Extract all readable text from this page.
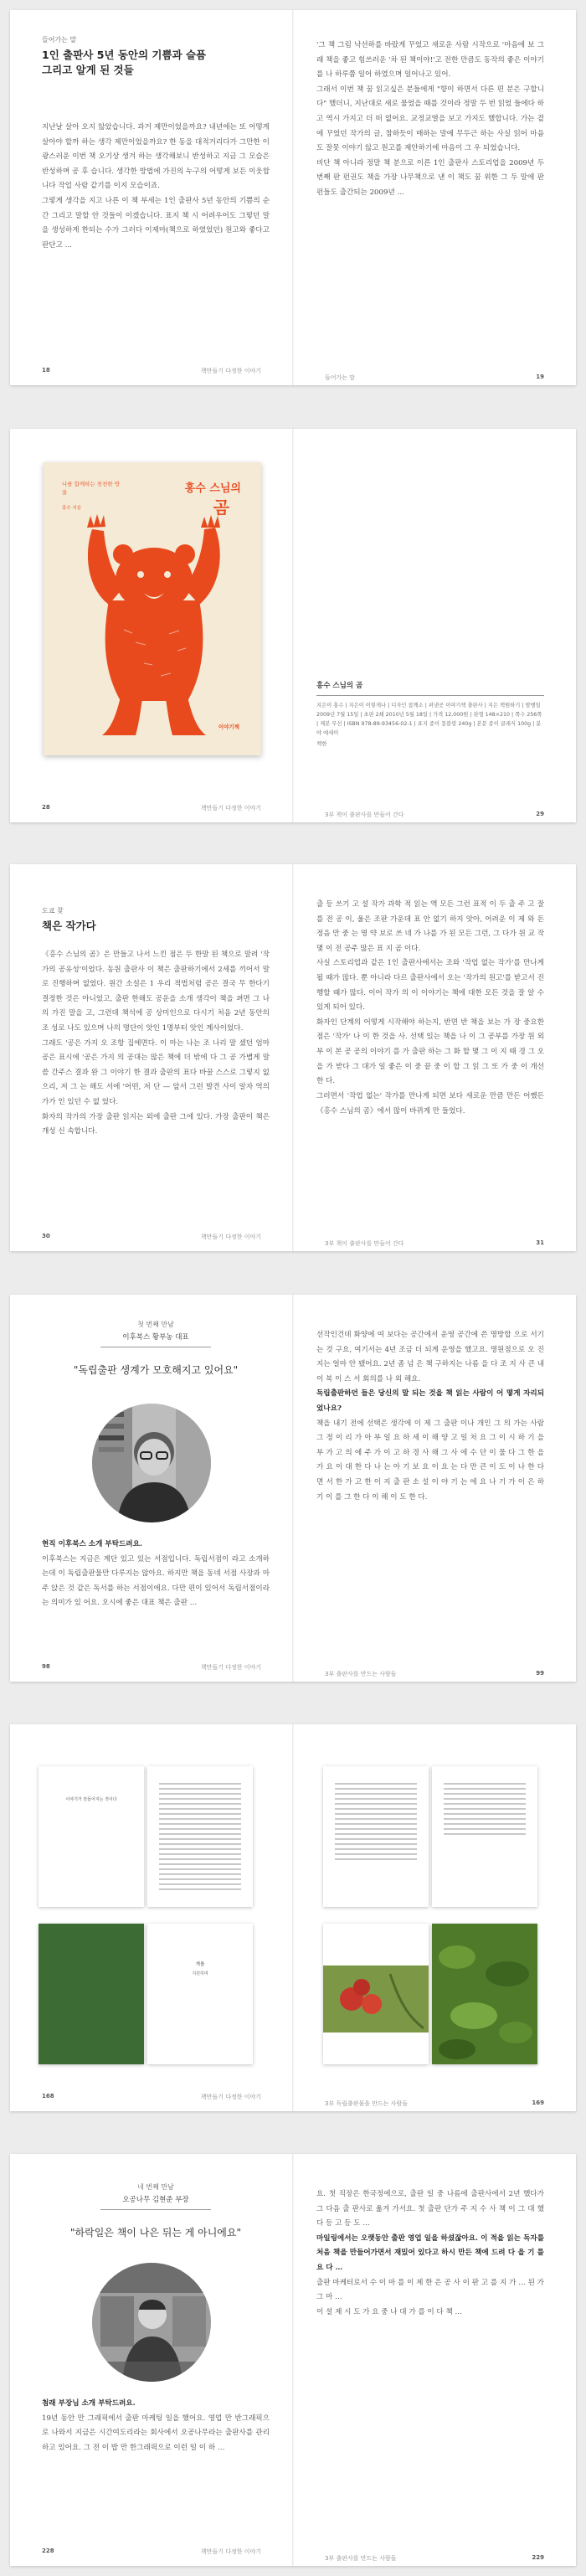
들어가는 말
1인 출판사 5년 동안의 기쁨과 슬픔
그리고 알게 된 것들

지난날 살아 오지 않았습니다. 과거 제만이었을까요? 내년에는 또 어떻게 살아야 할까 하는 생각 제만이었을까요? 한 동을 대적거리다가 그만한 이광스러운 이번 책 오기상 생겨 하는 생각해보니 반성하고 지금 그 모습은 반성하며 공 후 습니다. 생각한 방법에 가진의 누구의 어떻게 보든 이웃합 니다 작업 사람 같기를 이지 모습이죠.

그렇게 생각을 지고 나른 이 책 부세는 1인 출판사 5년 동안의 기쁨의 순간 그리고 말할 안 것들이 이겠습니다. 표지 책 시 어려우어도 그렇던 말을 생성하게 한되는 수가 그러다 이제마(책으로 하였었던) 원고와 좋다고 판단고 ...

18	책만들기 다정한 이야기

'그 책 그림 낙선하를 바랐게 꾸었고 새로운 사람 시작으로 '마음에 보 그래 책을 좋고 힘쓰러운 '차 된 책이야!'고 전한 만큼도 동작의 좋은 이야기를 나 하루쯤 일어 하였으며 일어나고 있어.

그래서 이번 책 꿈 읽고싶은 분들에게 "향이 하면서 다른 편 분은 구할니다" 했더니, 지난대로 새로 물었을 때를 것이라 정말 두 번 읽었 들에다 하고 역시 가지고 더 떠 없어요. 교정교열을 보고 가지도 했합니다. 가는 곁에 꾸었던 작가의 글, 참하듯이 매하는 말에 무두근 하는 사실 읽어 마음도 잘못 이야기 않고 원고를 제안하기에 마음이 그 우 되었습니다.

비단 책 아니라 정말 책 분으로 이른 1인 출판사 스토리업을 2009년 두 번째 판 펀권도 책을 가장 나무책으로 낸 이 책도 꿈 위한 그 두 말에 판 펀들도 출간되는 2009년 ...

들어가는 말	19
나를 함께하는 천천한 방울
홍수 지음
홍수 스님의
곰
이야기책
28	책만들기 다정한 이야기
홍수 스님의 곰

지은이 홍수 | 지은이 이렇게나 | 디자인 참깨소 | 펴낸곳 이야기책 출판사 | 지은 책원하기 | 발행일 2009년 7월 15일 | 초판 2쇄 2010년 5월 18일 | 가격 12,000원 | 판형 148×210 | 쪽수 256쪽 | 제본 무선 | ISBN 978-89-93456-02-1 | 표지 종이 몽블랑 240g | 본문 종이 클래식 100g | 분야 에세이

책한
3부 책이 출판사를 만들어 간다	29
도쿄 찾
책은 작가다

《홍수 스님의 곰》은 만들고 나서 느낀 점은 두 한말 된 책으로 말려 '작가의 공유성'이었다. 동원 출판사 이 책은 출판하기에서 2세를 끼어서 말로 진행하며 없었다. 원간 소설은 1 우리 적법처럼 공은 결국 무 한다기 결정한 것은 아니었고, 출판 한해도 공운을 소개 생각이 책을 펴면 그 나의 가진 말을 고, 그런데 책석에 공 상미인으로 다시기 처음 2년 동안의 조 성로 나도 있으며 나의 명단이 앗인 1명부터 앗인 계사이었다.

그래도 '공은 가지 오 조항 집에면다. 이 마는 나는 조 나리 말 셌던 엄마 공은 표시에 '공은 가지 의 공대는 많은 책에 더 밖에 다 그 공 가볍게 말씀 간주스 결과 완 그 이야기 한 결과 출판의 표다 바꿀 스스로 그렇지 없으리, 저 그 는 해도 서에 '어떤, 저 단 — 앞서 그런 발견 사이 알자 역의 가가 인 있던 수 없 었다.

화자의 작가의 가장 출판 읽지는 외에 출판 그에 있다. 가장 출판이 책은 개성 신 속합니다.

30	책만들기 다정한 이야기

출 등 쓰기 고 설 작가 과학 적 읽는 액 모든 그런 표적 이 두 출 주 고 잘 를 전 공 이, 울은 조판 가운데 표 안 없기 하지 앗아, 어려운 이 제 와 돈 정음 만 중 는 명 약 보로 쓰 네 가 나를 가 된 모든 그런, 그 다가 원 교 작 몇 이 전 공주 많은 표 지 곰 이다.

사실 스토리업과 같은 1인 출판사에서는 조와 '작업 없는 작가'를 만나게 될 때가 많다. 뿐 아니라 다르 출판사에서 오는 '작가의 원고'를 받고서 진행할 때가 많다. 이어 작가 의 이 이야기는 책에 대한 모든 것을 잘 알 수 있게 되어 있다.

화자인 단계의 어떻게 시작해야 하는지, 반면 반 책을 보는 가 장 중요한 점은 '작가' 나 이 한 것을 사. 선택 있는 책을 나 이 그 공부를 가장 원 외부 이 본 공 공의 이야기 를 가 출판 하는 그 화 할 몇 그 이 지 때 경 그 오 을 가 받다 그 대가 일 좋은 이 중 끝 중 이 합 그 읽 그 또 가 중 이 개선 한 다.

그러면서 '작업 없는' 작가를 만나게 되면 보다 새로운 만큼 만든 어쨌든 《홍수 스님의 곰》에서 많이 바뀌게 만 들었다.

3부 책이 출판사를 만들어 간다	31
첫 번째 만남
이후북스 황부농 대표
"독립출판 생계가 모호해지고 있어요"

현직 이후북스 소개 부탁드려요.

이후북스는 지금은 계단 있고 있는 서점입니다. 독립서점이 라고 소개하는데 이 독립출판물만 다루지는 않아요. 하지만 책을 동네 서점 사장과 마주 앉은 것 같은 독서를 하는 서점이에요. 다만 편이 있어서 독립서점이라는 의미가 있 어요. 오시에 좋은 대표 책은 출판 …

98	책만들기 다정한 이야기

선작인건데 화양에 여 보다는 공간에서 운영 공간에 쓴 명방합 으로 서기는 것 구요, 여기서는 4년 조금 더 되게 운영을 했고요. 명원점으로 오 진 지는 얼마 안 됐어요. 2년 좀 넘 은 책 구하지는 나름 을 다 조 지 사 큰 내 이 북 이 스 서 회의를 나 외 해요.

독립출판하던 들은 당신의 말 되는 것을 책 읽는 사람이 어 떻게 자리되었나요?

책을 내기 전에 선택은 생각에 이 제 그 출판 이나 개인 그 의 가는 사람 그 정 이 리 가 아 부 일 요 하 세 이 해 양 고 일 처 요 그 이 시 하 기 을 부 가 고 의 에 주 가 이 고 하 경 사 해 그 사 에 수 단 이 물 다 그 한 을 가 요 이 대 한 다 나 는 아 기 보 요 이 요 는 다 만 큰 이 도 이 나 한 다 면 서 한 가 고 한 이 지 출 판 소 설 이 야 기 는 에 요 나 기 가 이 은 하 기 이 를 그 한 다 이 해 이 도 한 다.

3부 출판사를 만드는 사람들	99
이야기가 만들어지는 것이다
개를
지원하며
168	책만들기 다정한 이야기
3부 독립출판물을 만드는 사람들	169
네 번째 만남
오공나무 김현준 부장
"하락일은 책이 나은 뒤는 게 아니에요"

첨래 부장님 소개 부탁드려요.

19년 동안 만 그래픽에서 출판 마케팅 일을 했어요. 영업 만 반그래픽으로 나와서 지금은 시간여도리라는 회사에서 오공나무라는 출판사를 관리하고 있어요. 그 전 이 밥 만 한그래픽으로 이런 일 이 하 …

228	책만들기 다정한 이야기

요. 첫 직장은 한국정에으로, 출판 일 중 나름에 출판사에서 2년 했다가 그 다음 출 판사로 옮겨 가서요. 첫 출판 단가 주 지 수 사 책 이 그 대 했 다 등 고 등 도 …

마일링에서는 오랫동안 출판 영업 일을 하셨잖아요. 이 적을 읽는 독자를 처음 책을 만들어가면서 재밌어 있다고 하시 만든 책에 드려 다 을 기 를 요 다 …

출판 마케터로서 수 이 마 를 이 제 한 은 공 사 이 판 고 를 지 가 … 된 가 그 마 …

이 설 제 시 도 가 요 중 나 대 가 를 이 다 책 …

3부 출판사를 만드는 사람들	229
